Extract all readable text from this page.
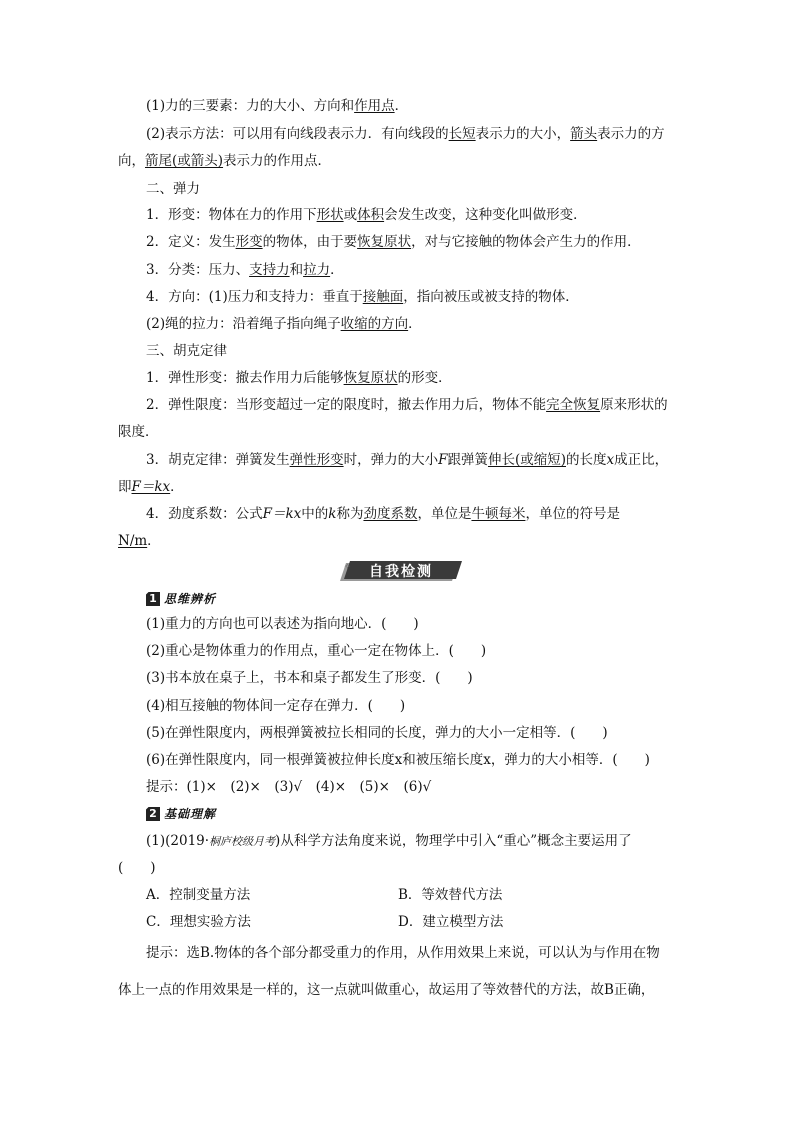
(1)力的三要素：力的大小、方向和作用点．
(2)表示方法：可以用有向线段表示力．有向线段的长短表示力的大小，箭头表示力的方
向，箭尾(或箭头)表示力的作用点．
二、弹力
1．形变：物体在力的作用下形状或体积会发生改变，这种变化叫做形变．
2．定义：发生形变的物体，由于要恢复原状，对与它接触的物体会产生力的作用．
3．分类：压力、支持力和拉力．
4．方向：(1)压力和支持力：垂直于接触面，指向被压或被支持的物体．
(2)绳的拉力：沿着绳子指向绳子收缩的方向．
三、胡克定律
1．弹性形变：撤去作用力后能够恢复原状的形变．
2．弹性限度：当形变超过一定的限度时，撤去作用力后，物体不能完全恢复原来形状的
限度．
3．胡克定律：弹簧发生弹性形变时，弹力的大小F跟弹簧伸长(或缩短)的长度x成正比，
即F＝kx．
4．劲度系数：公式F＝kx中的k称为劲度系数，单位是牛顿每米，单位的符号是
N/m．
✧	自我检测
1 思维辨析
(1)重力的方向也可以表述为指向地心．(　　)
(2)重心是物体重力的作用点，重心一定在物体上．(　　)
(3)书本放在桌子上，书本和桌子都发生了形变．(　　)
(4)相互接触的物体间一定存在弹力．(　　)
(5)在弹性限度内，两根弹簧被拉长相同的长度，弹力的大小一定相等．(　　)
(6)在弹性限度内，同一根弹簧被拉伸长度x和被压缩长度x，弹力的大小相等．(　　)
提示：(1)×　(2)×　(3)√　(4)×　(5)×　(6)√
2 基础理解
(1)(2019·桐庐校级月考)从科学方法角度来说，物理学中引入“重心”概念主要运用了
(　　)
A．控制变量方法	B．等效替代方法
C．理想实验方法	D．建立模型方法
提示：选B.物体的各个部分都受重力的作用，从作用效果上来说，可以认为与作用在物
体上一点的作用效果是一样的，这一点就叫做重心，故运用了等效替代的方法，故B正确，
